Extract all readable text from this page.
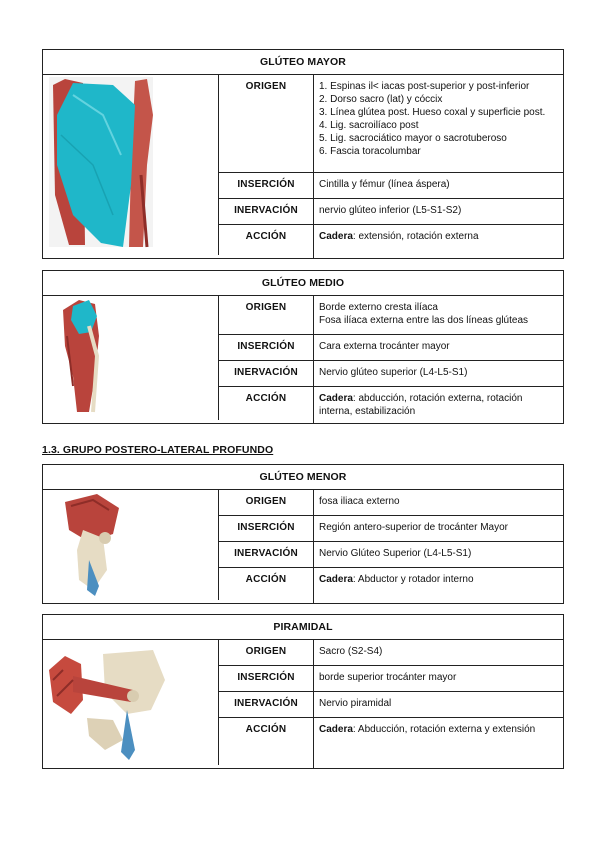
GLÚTEO MAYOR
ORIGEN	1. Espinas il< iacas post-superior y post-inferior
2. Dorso sacro (lat) y cóccix
3. Línea glútea post. Hueso coxal y superficie post.
4. Lig. sacroilíaco post
5. Lig. sacrociático mayor o sacrotuberoso
6. Fascia toracolumbar
INSERCIÓN	Cintilla y fémur (línea áspera)
INERVACIÓN	nervio glúteo inferior (L5-S1-S2)
ACCIÓN	Cadera: extensión, rotación externa
GLÚTEO MEDIO
ORIGEN	Borde externo cresta ilíaca
Fosa ilíaca externa entre las dos líneas glúteas
INSERCIÓN	Cara externa trocánter mayor
INERVACIÓN	Nervio glúteo superior (L4-L5-S1)
ACCIÓN	Cadera: abducción, rotación externa, rotación
interna, estabilización
1.3. GRUPO POSTERO-LATERAL PROFUNDO
GLÚTEO MENOR
ORIGEN	fosa iliaca externo
INSERCIÓN	Región antero-superior de trocánter Mayor
INERVACIÓN	Nervio Glúteo Superior (L4-L5-S1)
ACCIÓN	Cadera: Abductor y rotador interno
PIRAMIDAL
ORIGEN	Sacro (S2-S4)
INSERCIÓN	borde superior trocánter mayor
INERVACIÓN	Nervio piramidal
ACCIÓN	Cadera: Abducción, rotación externa y extensión
